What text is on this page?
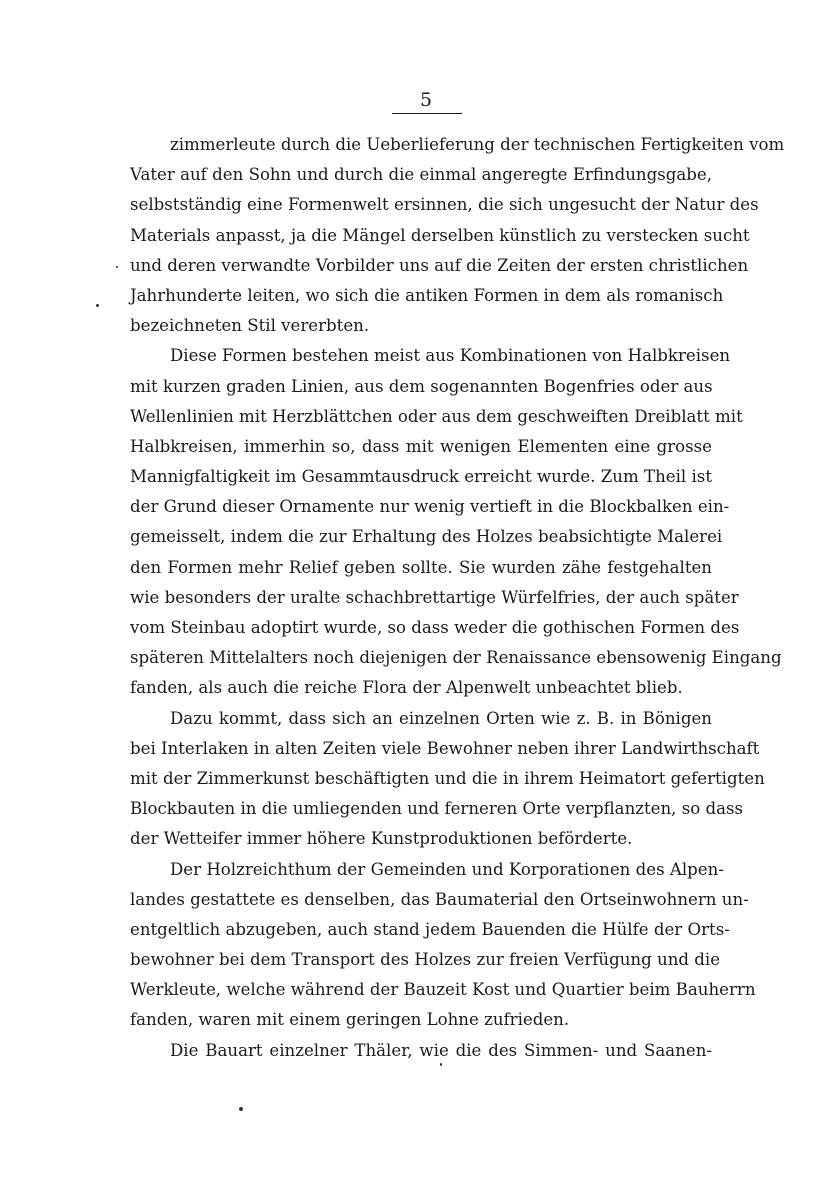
5
zimmerleute durch die Ueberlieferung der technischen Fertigkeiten vom
Vater auf den Sohn und durch die einmal angeregte Erfindungsgabe,
selbstständig eine Formenwelt ersinnen, die sich ungesucht der Natur des
Materials anpasst, ja die Mängel derselben künstlich zu verstecken sucht
und deren verwandte Vorbilder uns auf die Zeiten der ersten christlichen
Jahrhunderte leiten, wo sich die antiken Formen in dem als romanisch
bezeichneten Stil vererbten.
Diese Formen bestehen meist aus Kombinationen von Halbkreisen
mit kurzen graden Linien, aus dem sogenannten Bogenfries oder aus
Wellenlinien mit Herzblättchen oder aus dem geschweiften Dreiblatt mit
Halbkreisen, immerhin so, dass mit wenigen Elementen eine grosse
Mannigfaltigkeit im Gesammtausdruck erreicht wurde. Zum Theil ist
der Grund dieser Ornamente nur wenig vertieft in die Blockbalken ein-
gemeisselt, indem die zur Erhaltung des Holzes beabsichtigte Malerei
den Formen mehr Relief geben sollte. Sie wurden zähe festgehalten
wie besonders der uralte schachbrettartige Würfelfries, der auch später
vom Steinbau adoptirt wurde, so dass weder die gothischen Formen des
späteren Mittelalters noch diejenigen der Renaissance ebensowenig Eingang
fanden, als auch die reiche Flora der Alpenwelt unbeachtet blieb.
Dazu kommt, dass sich an einzelnen Orten wie z. B. in Bönigen
bei Interlaken in alten Zeiten viele Bewohner neben ihrer Landwirthschaft
mit der Zimmerkunst beschäftigten und die in ihrem Heimatort gefertigten
Blockbauten in die umliegenden und ferneren Orte verpflanzten, so dass
der Wetteifer immer höhere Kunstproduktionen beförderte.
Der Holzreichthum der Gemeinden und Korporationen des Alpen-
landes gestattete es denselben, das Baumaterial den Ortseinwohnern un-
entgeltlich abzugeben, auch stand jedem Bauenden die Hülfe der Orts-
bewohner bei dem Transport des Holzes zur freien Verfügung und die
Werkleute, welche während der Bauzeit Kost und Quartier beim Bauherrn
fanden, waren mit einem geringen Lohne zufrieden.
Die Bauart einzelner Thäler, wie die des Simmen- und Saanen-
